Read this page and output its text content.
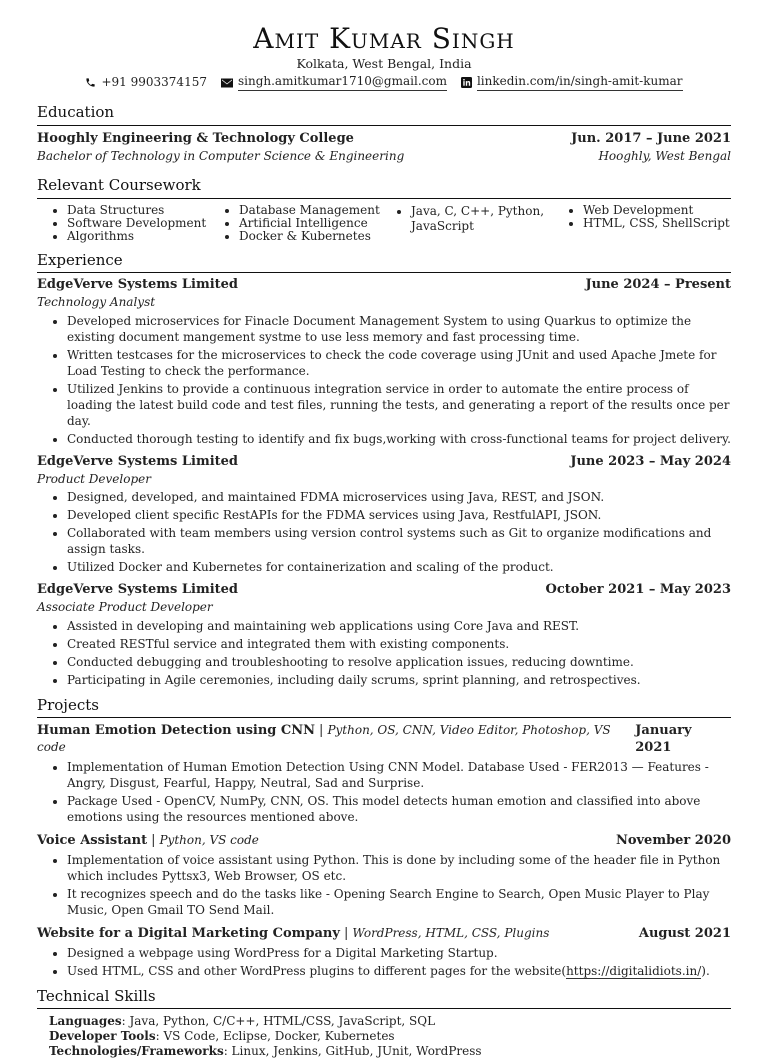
Amit Kumar Singh
Kolkata, West Bengal, India
+91 9903374157	singh.amitkumar1710@gmail.com	linkedin.com/in/singh-amit-kumar
Education
Hooghly Engineering & Technology College	Jun. 2017 – June 2021
Bachelor of Technology in Computer Science & Engineering	Hooghly, West Bengal
Relevant Coursework
• Data Structures
• Software Development
• Algorithms
• Database Management
• Artificial Intelligence
• Docker & Kubernetes
• Java, C, C++, Python, JavaScript
• Web Development
• HTML, CSS, ShellScript
Experience
EdgeVerve Systems Limited	June 2024 – Present
Technology Analyst
• Developed microservices for Finacle Document Management System to using Quarkus to optimize the existing document mangement systme to use less memory and fast processing time.
• Written testcases for the microservices to check the code coverage using JUnit and used Apache Jmete for Load Testing to check the performance.
• Utilized Jenkins to provide a continuous integration service in order to automate the entire process of loading the latest build code and test files, running the tests, and generating a report of the results once per day.
• Conducted thorough testing to identify and fix bugs,working with cross-functional teams for project delivery.
EdgeVerve Systems Limited	June 2023 – May 2024
Product Developer
• Designed, developed, and maintained FDMA microservices using Java, REST, and JSON.
• Developed client specific RestAPIs for the FDMA services using Java, RestfulAPI, JSON.
• Collaborated with team members using version control systems such as Git to organize modifications and assign tasks.
• Utilized Docker and Kubernetes for containerization and scaling of the product.
EdgeVerve Systems Limited	October 2021 – May 2023
Associate Product Developer
• Assisted in developing and maintaining web applications using Core Java and REST.
• Created RESTful service and integrated them with existing components.
• Conducted debugging and troubleshooting to resolve application issues, reducing downtime.
• Participating in Agile ceremonies, including daily scrums, sprint planning, and retrospectives.
Projects
Human Emotion Detection using CNN | Python, OS, CNN, Video Editor, Photoshop, VS code
January 2021
• Implementation of Human Emotion Detection Using CNN Model. Database Used - FER2013 — Features - Angry, Disgust, Fearful, Happy, Neutral, Sad and Surprise.
• Package Used - OpenCV, NumPy, CNN, OS. This model detects human emotion and classified into above emotions using the resources mentioned above.
Voice Assistant | Python, VS code	November 2020
• Implementation of voice assistant using Python. This is done by including some of the header file in Python which includes Pyttsx3, Web Browser, OS etc.
• It recognizes speech and do the tasks like - Opening Search Engine to Search, Open Music Player to Play Music, Open Gmail TO Send Mail.
Website for a Digital Marketing Company | WordPress, HTML, CSS, Plugins	August 2021
• Designed a webpage using WordPress for a Digital Marketing Startup.
• Used HTML, CSS and other WordPress plugins to different pages for the website(https://digitalidiots.in/).
Technical Skills
Languages: Java, Python, C/C++, HTML/CSS, JavaScript, SQL
Developer Tools: VS Code, Eclipse, Docker, Kubernetes
Technologies/Frameworks: Linux, Jenkins, GitHub, JUnit, WordPress
